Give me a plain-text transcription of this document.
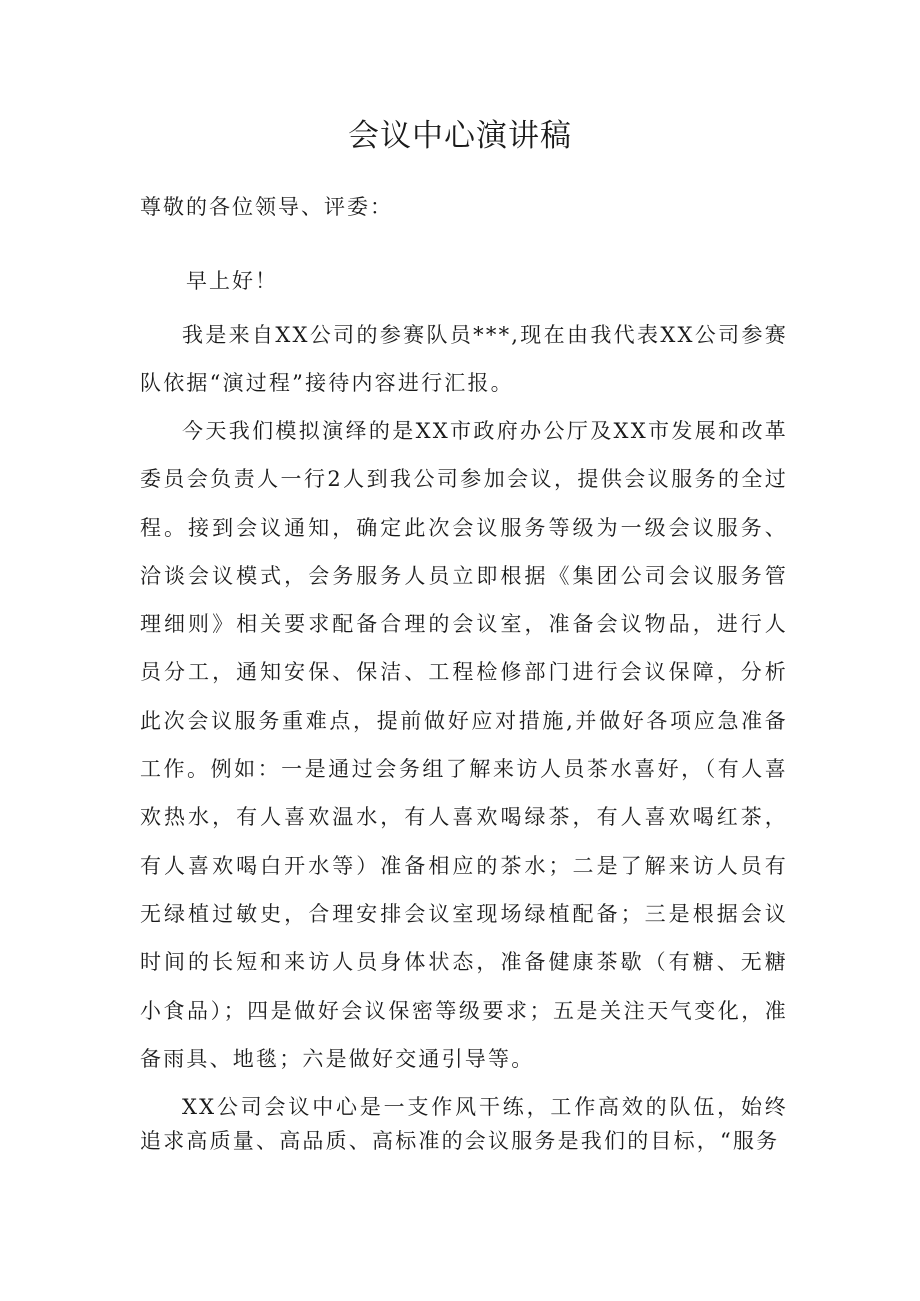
会议中心演讲稿
尊敬的各位领导、评委：
早上好！
我是来自XX公司的参赛队员***,现在由我代表XX公司参赛队依据“演过程”接待内容进行汇报。
今天我们模拟演绎的是XX市政府办公厅及XX市发展和改革委员会负责人一行2人到我公司参加会议，提供会议服务的全过程。接到会议通知，确定此次会议服务等级为一级会议服务、洽谈会议模式，会务服务人员立即根据《集团公司会议服务管理细则》相关要求配备合理的会议室，准备会议物品，进行人员分工，通知安保、保洁、工程检修部门进行会议保障，分析此次会议服务重难点，提前做好应对措施,并做好各项应急准备工作。例如：一是通过会务组了解来访人员茶水喜好，（有人喜欢热水，有人喜欢温水，有人喜欢喝绿茶，有人喜欢喝红茶，有人喜欢喝白开水等）准备相应的茶水；二是了解来访人员有无绿植过敏史，合理安排会议室现场绿植配备；三是根据会议时间的长短和来访人员身体状态，准备健康茶歇（有糖、无糖小食品）；四是做好会议保密等级要求；五是关注天气变化，准备雨具、地毯；六是做好交通引导等。
XX公司会议中心是一支作风干练，工作高效的队伍，始终追求高质量、高品质、高标准的会议服务是我们的目标，“服务
